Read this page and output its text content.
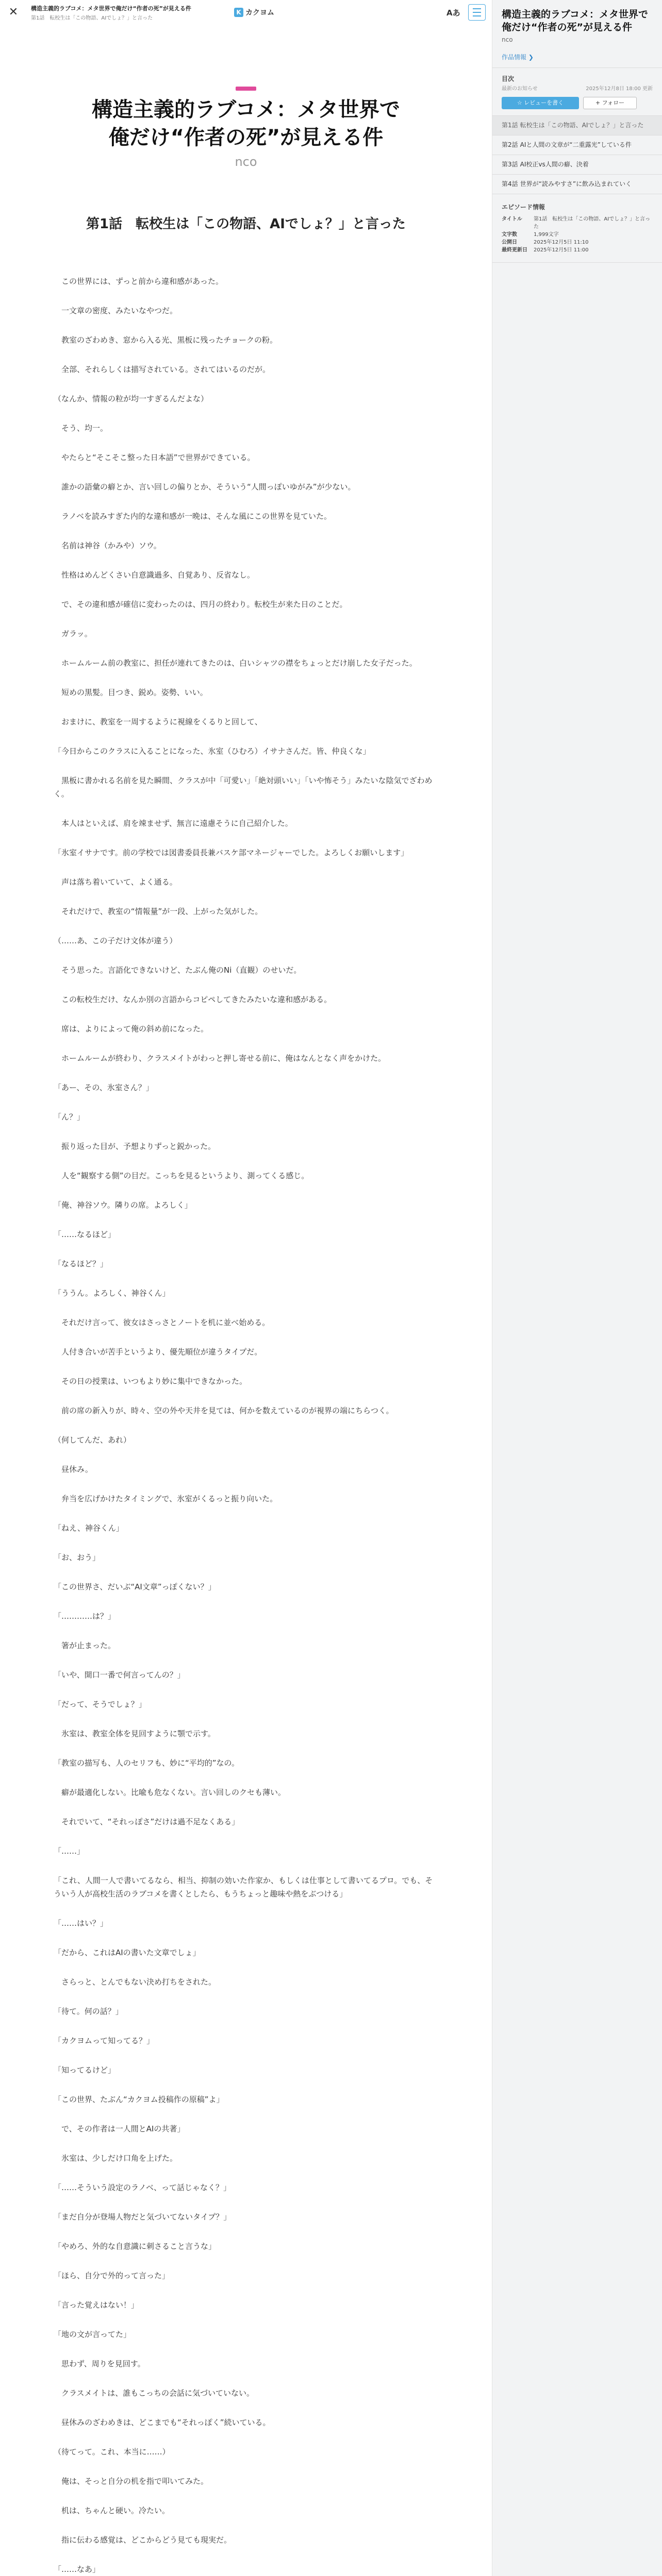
✕ 構造主義的ラブコメ：メタ世界で俺だけ“作者の死”が見える件
第1話　転校生は「この物語、AIでしょ？」と言った
K カクヨム	Aあ
構造主義的ラブコメ：メタ世界で
俺だけ“作者の死”が見える件
nco
第1話　転校生は「この物語、AIでしょ？」と言った

　この世界には、ずっと前から違和感があった。

　一文章の密度、みたいなやつだ。

　教室のざわめき、窓から入る光、黒板に残ったチョークの粉。

　全部、それらしくは描写されている。されてはいるのだが。

（なんか、情報の粒が均一すぎるんだよな）

　そう、均一。

　やたらと“そこそこ整った日本語”で世界ができている。

　誰かの語彙の癖とか、言い回しの偏りとか、そういう“人間っぽいゆがみ”が少ない。

　ラノベを読みすぎた内的な違和感が一晩は、そんな風にこの世界を見ていた。

　名前は神谷（かみや）ソウ。

　性格はめんどくさい自意識過多、自覚あり、反省なし。

　で、その違和感が確信に変わったのは、四月の終わり。転校生が来た日のことだ。

　ガラッ。

　ホームルーム前の教室に、担任が連れてきたのは、白いシャツの襟をちょっとだけ崩した女子だった。

　短めの黒髪。目つき、鋭め。姿勢、いい。

　おまけに、教室を一周するように視線をくるりと回して、

「今日からこのクラスに入ることになった、氷室（ひむろ）イサナさんだ。皆、仲良くな」

　黒板に書かれる名前を見た瞬間、クラスが中「可愛い」「絶対頭いい」「いや怖そう」みたいな陰気でざわめく。

　本人はといえば、肩を竦ませず、無言に遠慮そうに自己紹介した。

「氷室イサナです。前の学校では図書委員長兼バスケ部マネージャーでした。よろしくお願いします」

　声は落ち着いていて、よく通る。

　それだけで、教室の“情報量”が一段、上がった気がした。

（……あ、この子だけ文体が違う）

　そう思った。言語化できないけど、たぶん俺のNi（直観）のせいだ。

　この転校生だけ、なんか別の言語からコピペしてきたみたいな違和感がある。

　席は、よりによって俺の斜め前になった。

　ホームルームが終わり、クラスメイトがわっと押し寄せる前に、俺はなんとなく声をかけた。

「あー、その、氷室さん？」

「ん？」

　振り返った目が、予想よりずっと鋭かった。

　人を“観察する側”の目だ。こっちを見るというより、測ってくる感じ。

「俺、神谷ソウ。隣りの席。よろしく」

「……なるほど」

「なるほど？」

「ううん。よろしく、神谷くん」

　それだけ言って、彼女はさっさとノートを机に並べ始める。

　人付き合いが苦手というより、優先順位が違うタイプだ。

　その日の授業は、いつもより妙に集中できなかった。

　前の席の新入りが、時々、空の外や天井を見ては、何かを数えているのが視界の端にちらつく。

（何してんだ、あれ）

　昼休み。

　弁当を広げかけたタイミングで、氷室がくるっと振り向いた。

「ねえ、神谷くん」

「お、おう」

「この世界さ、だいぶ“AI文章”っぽくない？」

「…………は？」

　箸が止まった。

「いや、開口一番で何言ってんの？」

「だって、そうでしょ？」

　氷室は、教室全体を見回すように顎で示す。

「教室の描写も、人のセリフも、妙に“平均的”なの。

　癖が最適化しない。比喩も危なくない。言い回しのクセも薄い。

　それでいて、“それっぽさ”だけは過不足なくある」

「……」

「これ、人間一人で書いてるなら、相当、抑制の効いた作家か、もしくは仕事として書いてるプロ。でも、そういう人が高校生活のラブコメを書くとしたら、もうちょっと趣味や熱をぶつける」

「……はい？」

「だから、これはAIの書いた文章でしょ」

　さらっと、とんでもない決め打ちをされた。

「待て。何の話？」

「カクヨムって知ってる？」

「知ってるけど」

「この世界、たぶん“カクヨム投稿作の原稿”よ」

　で、その作者は一人間とAIの共著」

　氷室は、少しだけ口角を上げた。

「……そういう設定のラノベ、って話じゃなく？」

「まだ自分が登場人物だと気づいてないタイプ？」

「やめろ、外的な自意識に刺さること言うな」

「ほら、自分で外的って言った」

「言った覚えはない！」

「地の文が言ってた」

　思わず、周りを見回す。

　クラスメイトは、誰もこっちの会話に気づいていない。

　昼休みのざわめきは、どこまでも“それっぽく”続いている。

（待てって。これ、本当に……）

　俺は、そっと自分の机を指で叩いてみた。

　机は、ちゃんと硬い。冷たい。

　指に伝わる感覚は、どこからどう見ても現実だ。

「……なあ」

構造主義的ラブコメ：メタ世界で俺だけ“作者の死”が見える件
nco
作品情報 ❯
目次
最新のお知らせ	2025年12月8日 18:00 更新
☆ レビューを書く	+ フォロー
第1話 転校生は「この物語、AIでしょ？」と言った
第2話 AIと人間の文章が“二重露光”している件
第3話 AI校正vs人間の癖、決着
第4話 世界が“読みやすさ”に飲み込まれていく
エピソード情報
タイトル	第1話　転校生は「この物語、AIでしょ？」と言った
文字数	1,999文字
公開日	2025年12月5日 11:10
最終更新日	2025年12月5日 11:00
